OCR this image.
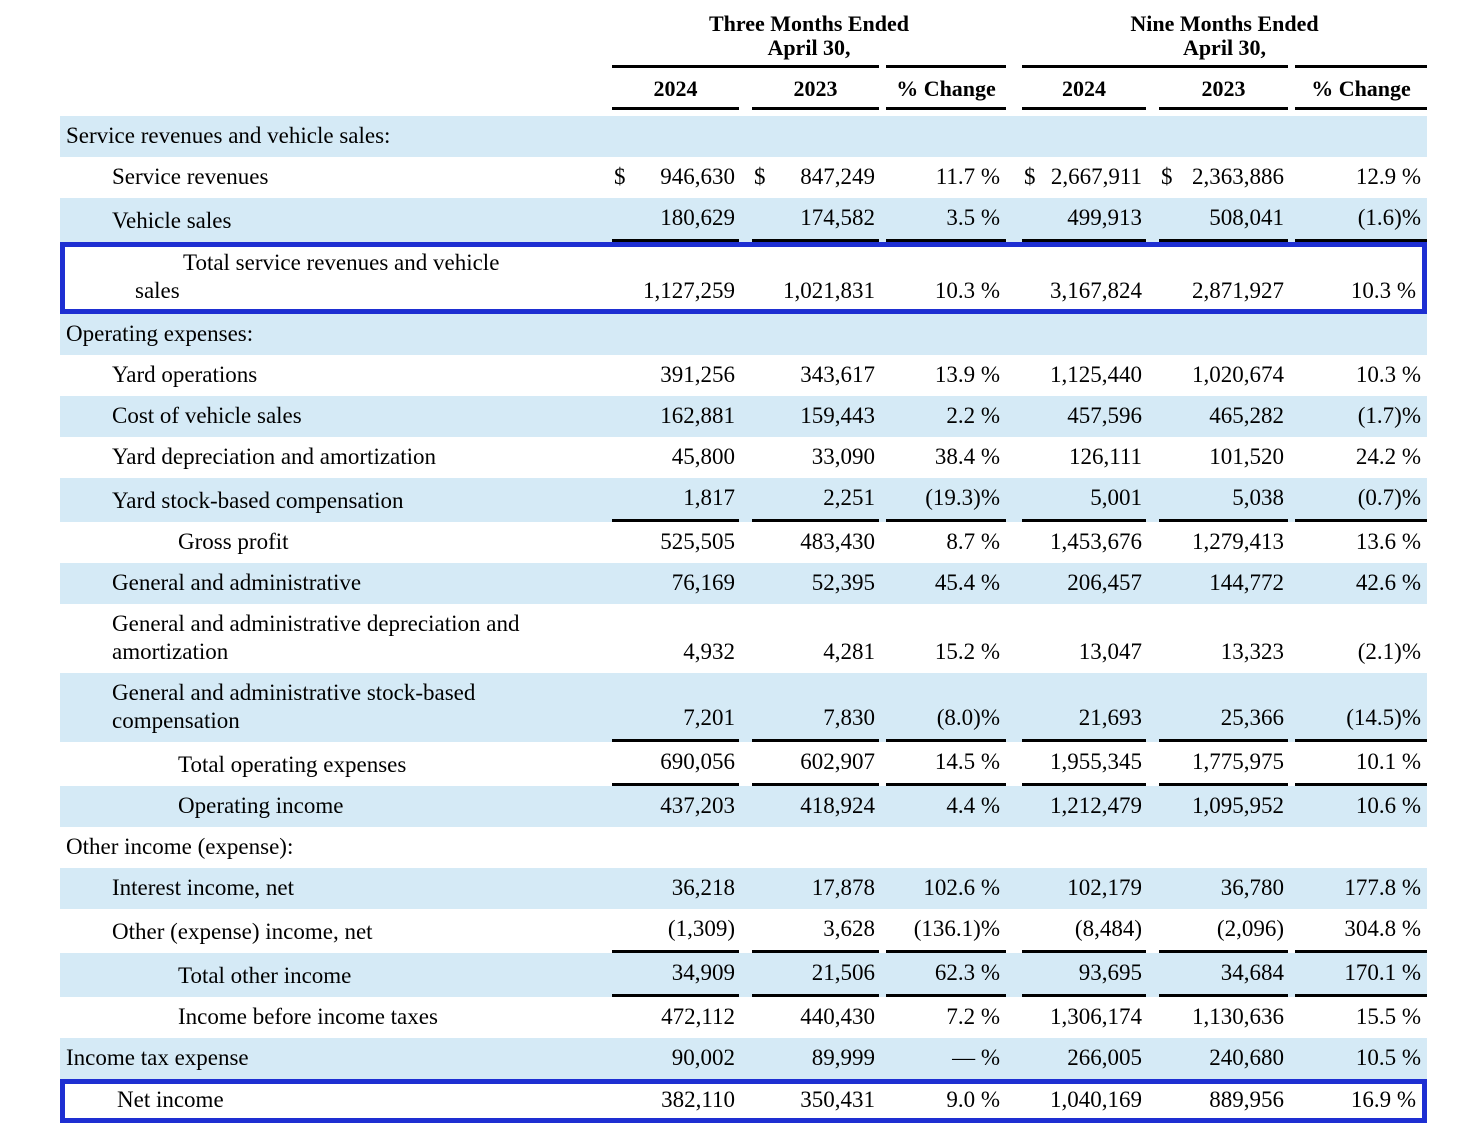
Three Months Ended
April 30,

Nine Months Ended
April 30,

	2024		2023		% Change		2024		2023		% Change

Service revenues and vehicle sales:											

Service revenues	$ 946,630		$ 847,249		11.7 %		$ 2,667,911		$ 2,363,886		12.9 %

Vehicle sales	180,629		174,582		3.5 %		499,913		508,041		(1.6)%

Total service revenues and vehicle
sales	1,127,259		1,021,831		10.3 %		3,167,824		2,871,927		10.3 %

Operating expenses:											

Yard operations	391,256		343,617		13.9 %		1,125,440		1,020,674		10.3 %

Cost of vehicle sales	162,881		159,443		2.2 %		457,596		465,282		(1.7)%

Yard depreciation and amortization	45,800		33,090		38.4 %		126,111		101,520		24.2 %

Yard stock-based compensation	1,817		2,251		(19.3)%		5,001		5,038		(0.7)%

Gross profit	525,505		483,430		8.7 %		1,453,676		1,279,413		13.6 %

General and administrative	76,169		52,395		45.4 %		206,457		144,772		42.6 %

General and administrative depreciation and
amortization	4,932		4,281		15.2 %		13,047		13,323		(2.1)%

General and administrative stock-based
compensation	7,201		7,830		(8.0)%		21,693		25,366		(14.5)%

Total operating expenses	690,056		602,907		14.5 %		1,955,345		1,775,975		10.1 %

Operating income	437,203		418,924		4.4 %		1,212,479		1,095,952		10.6 %

Other income (expense):											

Interest income, net	36,218		17,878		102.6 %		102,179		36,780		177.8 %

Other (expense) income, net	(1,309)		3,628		(136.1)%		(8,484)		(2,096)		304.8 %

Total other income	34,909		21,506		62.3 %		93,695		34,684		170.1 %

Income before income taxes	472,112		440,430		7.2 %		1,306,174		1,130,636		15.5 %

Income tax expense	90,002		89,999		— %		266,005		240,680		10.5 %

Net income	382,110		350,431		9.0 %		1,040,169		889,956		16.9 %
